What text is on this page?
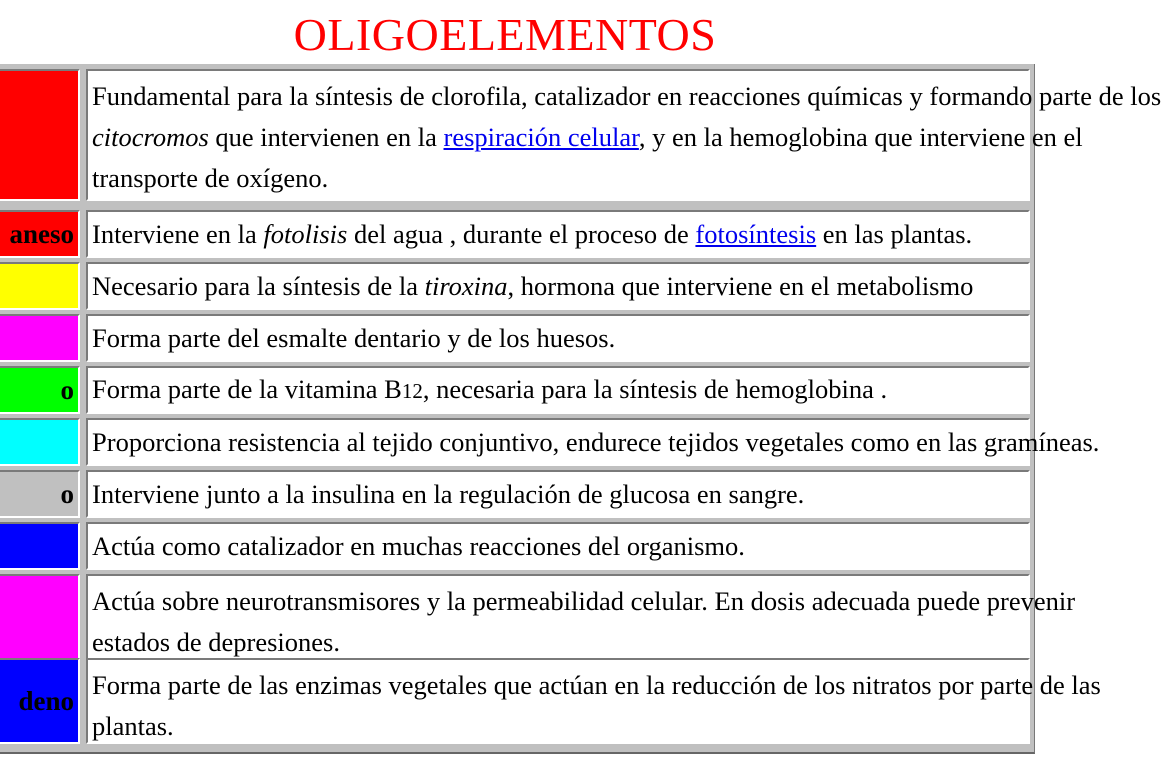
OLIGOELEMENTOS
Fundamental para la síntesis de clorofila, catalizador en reacciones químicas y formando parte de los
citocromos que intervienen en la respiración celular, y en la hemoglobina que interviene en el
transporte de oxígeno.
aneso Interviene en la fotolisis del agua , durante el proceso de fotosíntesis en las plantas.
Necesario para la síntesis de la tiroxina, hormona que interviene en el metabolismo
Forma parte del esmalte dentario y de los huesos.
o Forma parte de la vitamina B12, necesaria para la síntesis de hemoglobina .
Proporciona resistencia al tejido conjuntivo, endurece tejidos vegetales como en las gramíneas.
o Interviene junto a la insulina en la regulación de glucosa en sangre.
Actúa como catalizador en muchas reacciones del organismo.
Actúa sobre neurotransmisores y la permeabilidad celular. En dosis adecuada puede prevenir
estados de depresiones.
deno
Forma parte de las enzimas vegetales que actúan en la reducción de los nitratos por parte de las
plantas.
